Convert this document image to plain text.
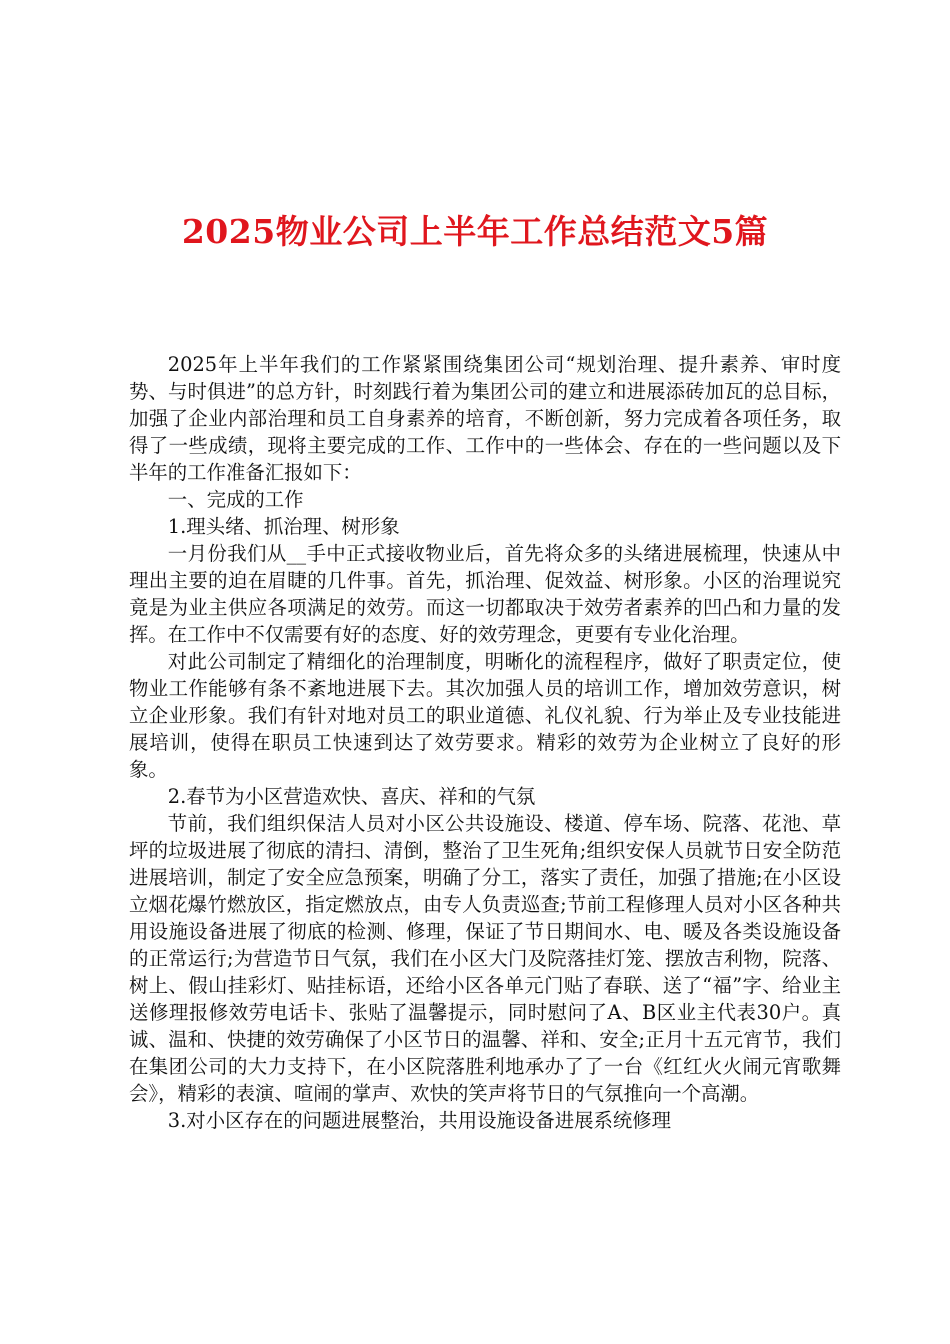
2025物业公司上半年工作总结范文5篇

2025年上半年我们的工作紧紧围绕集团公司“规划治理、提升素养、审时度势、与时俱进”的总方针，时刻践行着为集团公司的建立和进展添砖加瓦的总目标，加强了企业内部治理和员工自身素养的培育，不断创新，努力完成着各项任务，取得了一些成绩，现将主要完成的工作、工作中的一些体会、存在的一些问题以及下半年的工作准备汇报如下：

一、完成的工作

1.理头绪、抓治理、树形象

一月份我们从__手中正式接收物业后，首先将众多的头绪进展梳理，快速从中理出主要的迫在眉睫的几件事。首先，抓治理、促效益、树形象。小区的治理说究竟是为业主供应各项满足的效劳。而这一切都取决于效劳者素养的凹凸和力量的发挥。在工作中不仅需要有好的态度、好的效劳理念，更要有专业化治理。

对此公司制定了精细化的治理制度，明晰化的流程程序，做好了职责定位，使物业工作能够有条不紊地进展下去。其次加强人员的培训工作，增加效劳意识，树立企业形象。我们有针对地对员工的职业道德、礼仪礼貌、行为举止及专业技能进展培训，使得在职员工快速到达了效劳要求。精彩的效劳为企业树立了良好的形象。

2.春节为小区营造欢快、喜庆、祥和的气氛

节前，我们组织保洁人员对小区公共设施设、楼道、停车场、院落、花池、草坪的垃圾进展了彻底的清扫、清倒，整治了卫生死角;组织安保人员就节日安全防范进展培训，制定了安全应急预案，明确了分工，落实了责任，加强了措施;在小区设立烟花爆竹燃放区，指定燃放点，由专人负责巡查;节前工程修理人员对小区各种共用设施设备进展了彻底的检测、修理，保证了节日期间水、电、暖及各类设施设备的正常运行;为营造节日气氛，我们在小区大门及院落挂灯笼、摆放吉利物，院落、树上、假山挂彩灯、贴挂标语，还给小区各单元门贴了春联、送了“福”字、给业主送修理报修效劳电话卡、张贴了温馨提示，同时慰问了A、B区业主代表30户。真诚、温和、快捷的效劳确保了小区节日的温馨、祥和、安全;正月十五元宵节，我们在集团公司的大力支持下，在小区院落胜利地承办了了一台《红红火火闹元宵歌舞会》，精彩的表演、喧闹的掌声、欢快的笑声将节日的气氛推向一个高潮。

3.对小区存在的问题进展整治，共用设施设备进展系统修理
